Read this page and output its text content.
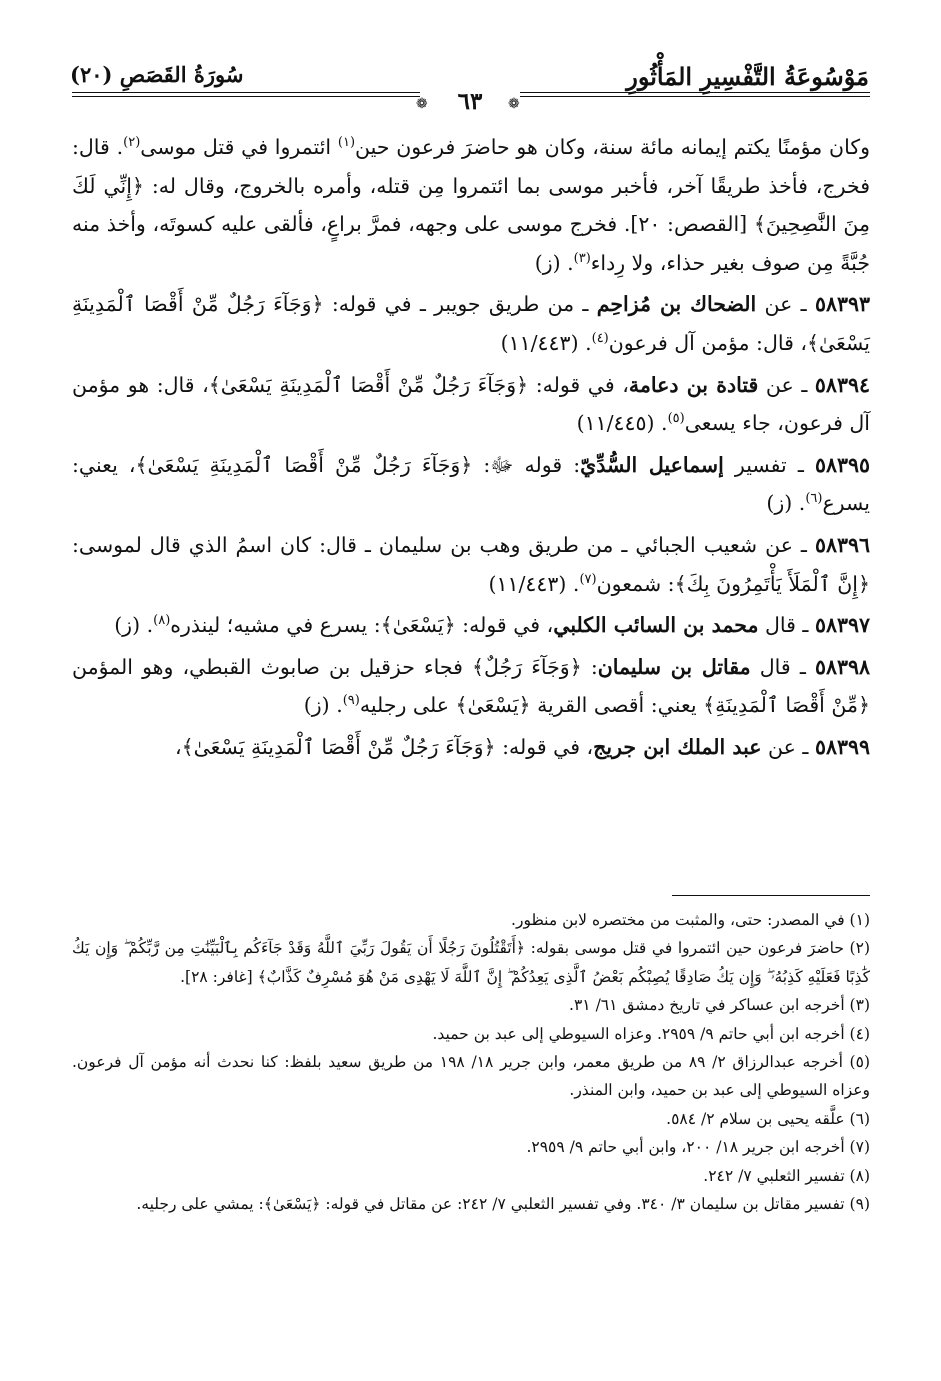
مَوْسُوعَةُ التَّفْسِيرِ المَأْثُورِ
سُورَةُ القَصَصِ (٢٠)
٦٣
❁	❁

وكان مؤمنًا يكتم إيمانه مائة سنة، وكان هو حاضرَ فرعون حين$^{(١)}$ ائتمروا في قتل موسى$^{(٢)}$. قال: فخرج، فأخذ طريقًا آخر، فأخبر موسى بما ائتمروا مِن قتله، وأمره بالخروج، وقال له: ﴿إِنِّي لَكَ مِنَ النَّٰصِحِينَ﴾ [القصص: ٢٠]. فخرج موسى على وجهه، فمرَّ براعٍ، فألقى عليه كسوتَه، وأخذ منه جُبَّةً مِن صوف بغير حذاء، ولا رِداء$^{(٣)}$. (ز)

٥٨٣٩٣ ـ عن الضحاك بن مُزاحِم ـ من طريق جويبر ـ في قوله: ﴿وَجَآءَ رَجُلٌ مِّنْ أَقْصَا ٱلْمَدِينَةِ يَسْعَىٰ﴾، قال: مؤمن آل فرعون$^{(٤)}$. (١١/٤٤٣)

٥٨٣٩٤ ـ عن قتادة بن دعامة، في قوله: ﴿وَجَآءَ رَجُلٌ مِّنْ أَقْصَا ٱلْمَدِينَةِ يَسْعَىٰ﴾، قال: هو مؤمن آل فرعون، جاء يسعى$^{(٥)}$. (١١/٤٤٥)

٥٨٣٩٥ ـ تفسير إسماعيل السُّدِّيّ: قوله ﷻ: ﴿وَجَآءَ رَجُلٌ مِّنْ أَقْصَا ٱلْمَدِينَةِ يَسْعَىٰ﴾، يعني: يسرع$^{(٦)}$. (ز)

٥٨٣٩٦ ـ عن شعيب الجبائي ـ من طريق وهب بن سليمان ـ قال: كان اسمُ الذي قال لموسى: ﴿إِنَّ ٱلْمَلَأَ يَأْتَمِرُونَ بِكَ﴾: شمعون$^{(٧)}$. (١١/٤٤٣)

٥٨٣٩٧ ـ قال محمد بن السائب الكلبي، في قوله: ﴿يَسْعَىٰ﴾: يسرع في مشيه؛ لينذره$^{(٨)}$. (ز)

٥٨٣٩٨ ـ قال مقاتل بن سليمان: ﴿وَجَآءَ رَجُلٌ﴾ فجاء حزقيل بن صابوث القبطي، وهو المؤمن ﴿مِّنْ أَقْصَا ٱلْمَدِينَةِ﴾ يعني: أقصى القرية ﴿يَسْعَىٰ﴾ على رجليه$^{(٩)}$. (ز)

٥٨٣٩٩ ـ عن عبد الملك ابن جريج، في قوله: ﴿وَجَآءَ رَجُلٌ مِّنْ أَقْصَا ٱلْمَدِينَةِ يَسْعَىٰ﴾،

(١) في المصدر: حتى، والمثبت من مختصره لابن منظور.

(٢) حاضرَ فرعون حين ائتمروا في قتل موسى بقوله: ﴿أَتَقْتُلُونَ رَجُلًا أَن يَقُولَ رَبِّيَ ٱللَّهُ وَقَدْ جَآءَكُم بِٱلْبَيِّنَٰتِ مِن رَّبِّكُمْ ۖ وَإِن يَكُ كَٰذِبًا فَعَلَيْهِ كَذِبُهُۥ ۖ وَإِن يَكُ صَادِقًا يُصِبْكُم بَعْضُ ٱلَّذِى يَعِدُكُمْ ۖ إِنَّ ٱللَّهَ لَا يَهْدِى مَنْ هُوَ مُسْرِفٌ كَذَّابٌ﴾ [غافر: ٢٨].

(٣) أخرجه ابن عساكر في تاريخ دمشق ٦١/ ٣١.

(٤) أخرجه ابن أبي حاتم ٩/ ٢٩٥٩. وعزاه السيوطي إلى عبد بن حميد.

(٥) أخرجه عبدالرزاق ٢/ ٨٩ من طريق معمر، وابن جرير ١٨/ ١٩٨ من طريق سعيد بلفظ: كنا نحدث أنه مؤمن آل فرعون. وعزاه السيوطي إلى عبد بن حميد، وابن المنذر.

(٦) علَّقه يحيى بن سلام ٢/ ٥٨٤.

(٧) أخرجه ابن جرير ١٨/ ٢٠٠، وابن أبي حاتم ٩/ ٢٩٥٩.

(٨) تفسير الثعلبي ٧/ ٢٤٢.

(٩) تفسير مقاتل بن سليمان ٣/ ٣٤٠. وفي تفسير الثعلبي ٧/ ٢٤٢: عن مقاتل في قوله: ﴿يَسْعَىٰ﴾: يمشي على رجليه.
